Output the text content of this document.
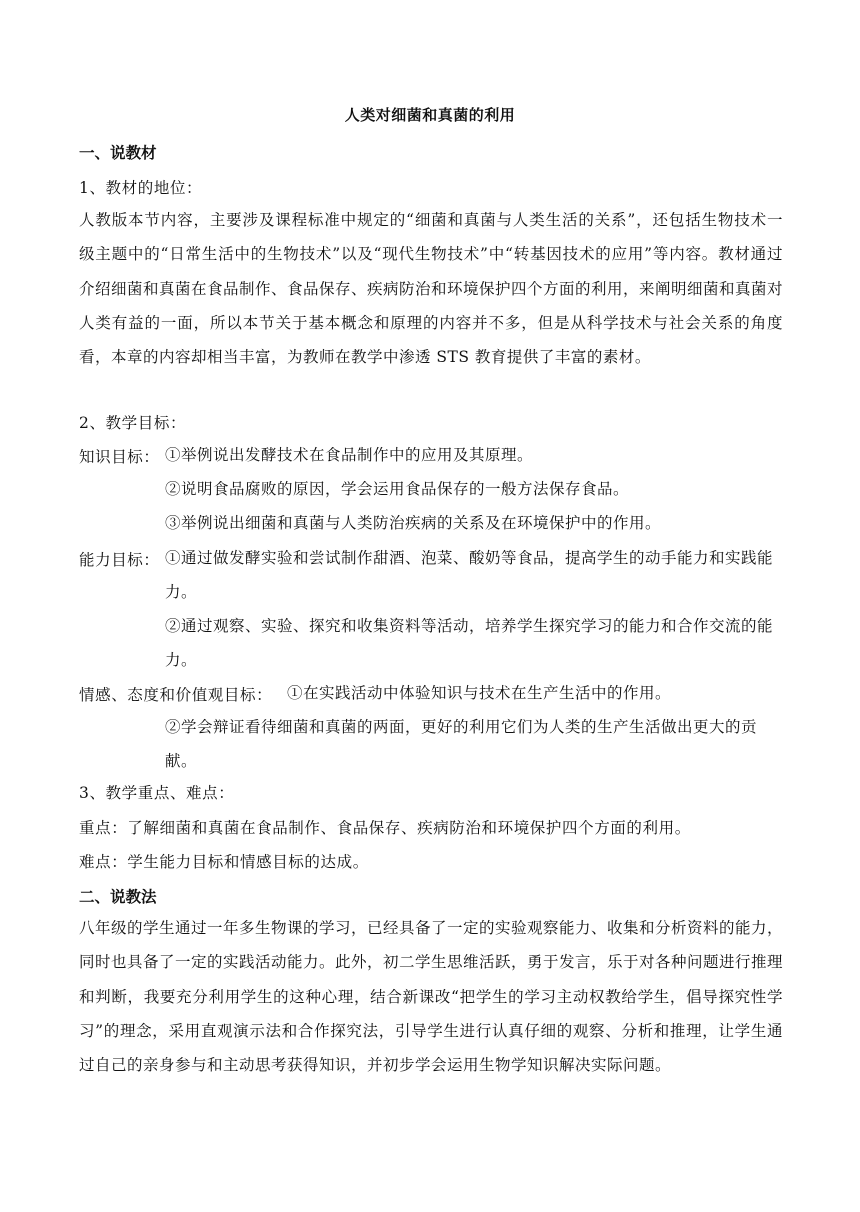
人类对细菌和真菌的利用
一、说教材
1、教材的地位：
人教版本节内容，主要涉及课程标准中规定的“细菌和真菌与人类生活的关系”，还包括生物技术一级主题中的“日常生活中的生物技术”以及“现代生物技术”中“转基因技术的应用”等内容。教材通过介绍细菌和真菌在食品制作、食品保存、疾病防治和环境保护四个方面的利用，来阐明细菌和真菌对人类有益的一面，所以本节关于基本概念和原理的内容并不多，但是从科学技术与社会关系的角度看，本章的内容却相当丰富，为教师在教学中渗透 STS 教育提供了丰富的素材。
2、教学目标：
知识目标： ①举例说出发酵技术在食品制作中的应用及其原理。
②说明食品腐败的原因，学会运用食品保存的一般方法保存食品。
③举例说出细菌和真菌与人类防治疾病的关系及在环境保护中的作用。
能力目标： ①通过做发酵实验和尝试制作甜酒、泡菜、酸奶等食品，提高学生的动手能力和实践能力。
②通过观察、实验、探究和收集资料等活动，培养学生探究学习的能力和合作交流的能力。
情感、态度和价值观目标： ①在实践活动中体验知识与技术在生产生活中的作用。
②学会辩证看待细菌和真菌的两面，更好的利用它们为人类的生产生活做出更大的贡献。
3、教学重点、难点：
重点：了解细菌和真菌在食品制作、食品保存、疾病防治和环境保护四个方面的利用。
难点：学生能力目标和情感目标的达成。
二、说教法
八年级的学生通过一年多生物课的学习，已经具备了一定的实验观察能力、收集和分析资料的能力，同时也具备了一定的实践活动能力。此外，初二学生思维活跃，勇于发言，乐于对各种问题进行推理和判断，我要充分利用学生的这种心理，结合新课改“把学生的学习主动权教给学生，倡导探究性学习”的理念，采用直观演示法和合作探究法，引导学生进行认真仔细的观察、分析和推理，让学生通过自己的亲身参与和主动思考获得知识，并初步学会运用生物学知识解决实际问题。
